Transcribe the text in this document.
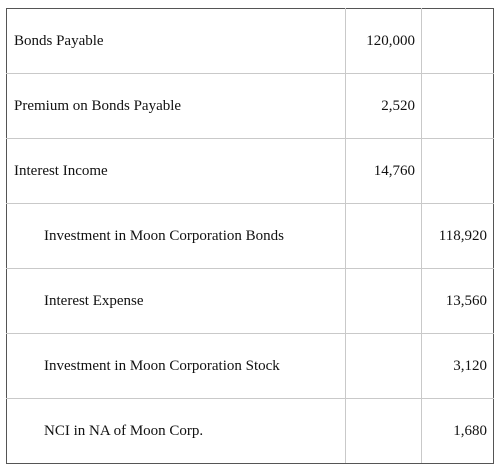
Bonds Payable	120,000	
Premium on Bonds Payable	2,520	
Interest Income	14,760	
Investment in Moon Corporation Bonds		118,920
Interest Expense		13,560
Investment in Moon Corporation Stock		3,120
NCI in NA of Moon Corp.		1,680
